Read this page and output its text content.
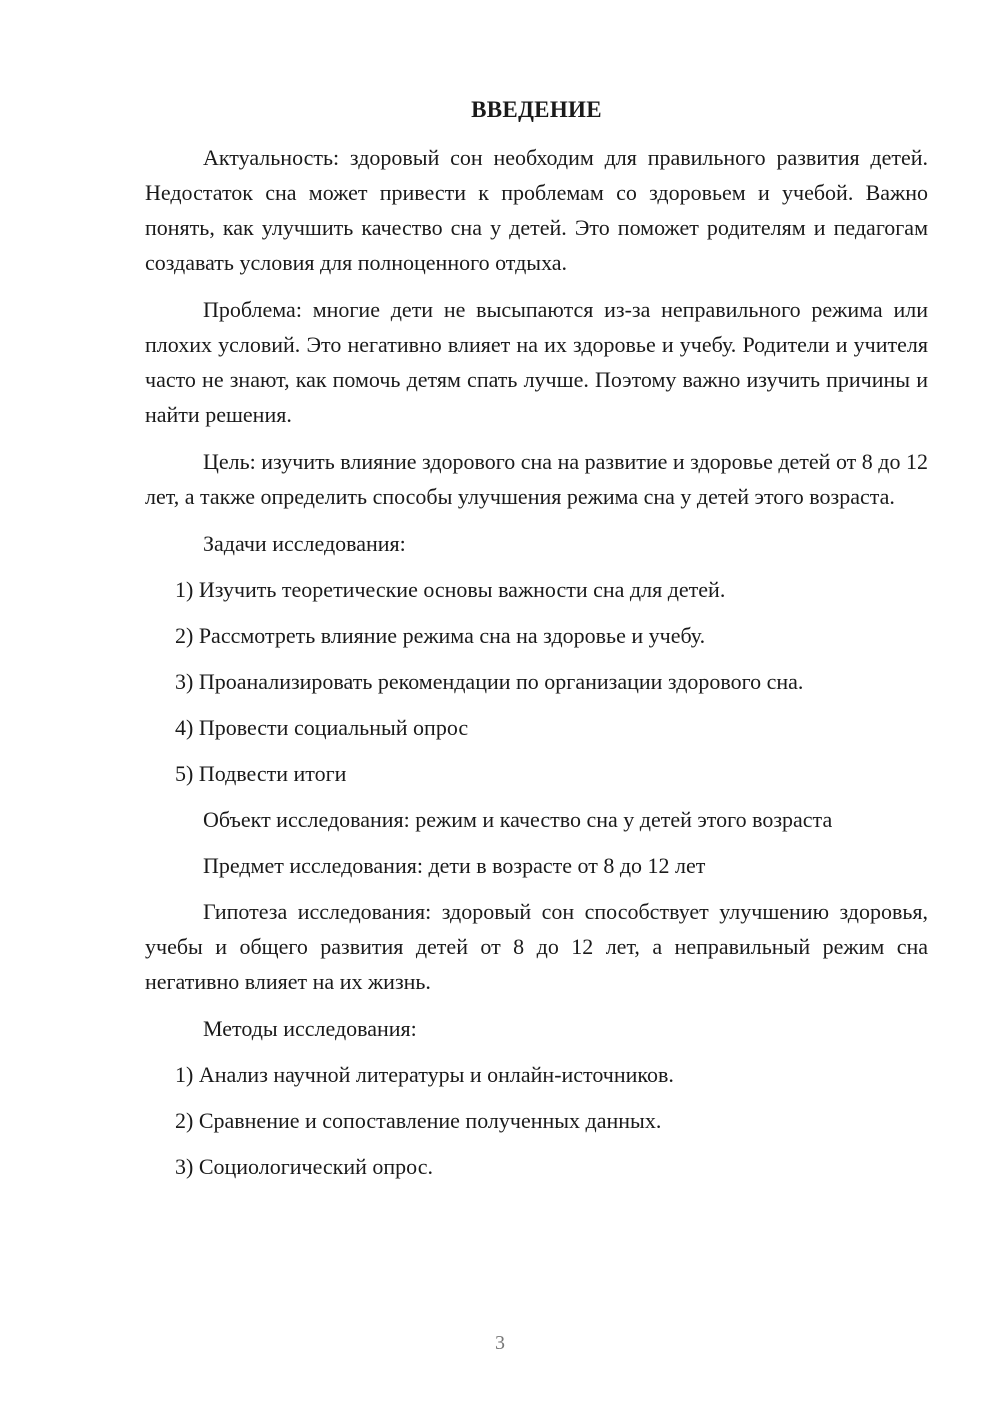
ВВЕДЕНИЕ

Актуальность: здоровый сон необходим для правильного развития детей. Недостаток сна может привести к проблемам со здоровьем и учебой. Важно понять, как улучшить качество сна у детей. Это поможет родителям и педагогам создавать условия для полноценного отдыха.

Проблема: многие дети не высыпаются из-за неправильного режима или плохих условий. Это негативно влияет на их здоровье и учебу. Родители и учителя часто не знают, как помочь детям спать лучше. Поэтому важно изучить причины и найти решения.

Цель: изучить влияние здорового сна на развитие и здоровье детей от 8 до 12 лет, а также определить способы улучшения режима сна у детей этого возраста.

Задачи исследования:
1) Изучить теоретические основы важности сна для детей.
2) Рассмотреть влияние режима сна на здоровье и учебу.
3) Проанализировать рекомендации по организации здорового сна.
4) Провести социальный опрос
5) Подвести итоги
Объект исследования: режим и качество сна у детей этого возраста
Предмет исследования: дети в возрасте от 8 до 12 лет

Гипотеза исследования: здоровый сон способствует улучшению здоровья, учебы и общего развития детей от 8 до 12 лет, а неправильный режим сна негативно влияет на их жизнь.

Методы исследования:
1) Анализ научной литературы и онлайн-источников.
2) Сравнение и сопоставление полученных данных.
3) Социологический опрос.
3
